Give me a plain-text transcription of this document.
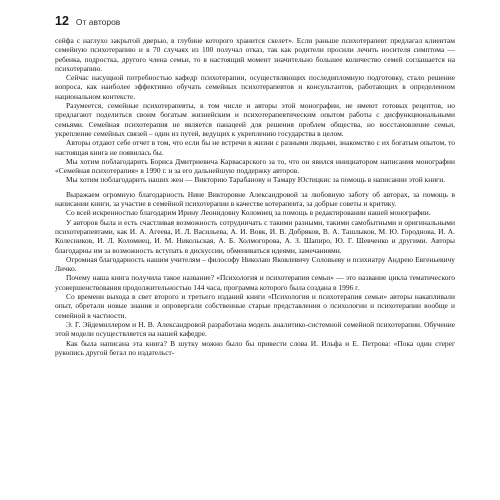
12 От авторов

сейфа с наглухо закрытой дверью, в глубине которого хранится скелет». Если раньше психотерапевт предлагал клиентам семейную психотерапию и в 70 случаях из 100 получал отказ, так как родители просили лечить носителя симптома — ребенка, подростка, другого члена семьи, то в настоящий момент значительно большее количество семей соглашается на психотерапию.

Сейчас насущной потребностью кафедр психотерапии, осуществляющих последипломную подготовку, стало решение вопроса, как наиболее эффективно обучать семейных психотерапевтов и консультантов, работающих в определенном национальном контексте.

Разумеется, семейные психотерапевты, в том числе и авторы этой монографии, не имеют готовых рецептов, но предлагают поделиться своим богатым жизнейским и психотерапевтическим опытом работы с дисфункциональными семьями. Семейная психотерапия не является панацеей для решения проблем общества, но восстановление семьи, укрепление семейных связей – один из путей, ведущих к укреплению государства в целом.

Авторы отдают себе отчет в том, что если бы не встречи в жизни с разными людьми, знакомство с их богатым опытом, то настоящая книга не появилась бы.

Мы хотим поблагодарить Бориса Дмитриевича Карвасарского за то, что он явился инициатором написания монографии «Семейная психотерапия» в 1990 г. и за его дальнейшую поддержку авторов.

Мы хотим поблагодарить наших жен — Викторию Тарабанову и Тамару Юстицкис за помощь в написании этой книги.

Выражаем огромную благодарность Нине Викторовне Александровой за любовную заботу об авторах, за помощь в написании книги, за участие в семейной психотерапии в качестве котерапевта, за добрые советы и критику.

Со всей искренностью благодарим Ирину Леонидовну Коломиец за помощь в редактировании нашей монографии.

У авторов была и есть счастливая возможность сотрудничать с такими разными, такими самобытными и оригинальными психотерапевтами, как И. А. Агеева, И. Л. Васильева, А. И. Вовк, И. В. Добряков, В. А. Ташлыков, М. Ю. Городнова, И. А. Колесников, И. Л. Коломиец, И. М. Никольская, А. Б. Холмогорова, А. З. Шапиро, Ю. Г. Шевченко и другими. Авторы благодарны им за возможность вступать в дискуссии, обмениваться идеями, замечаниями.

Огромная благодарность нашим учителям – философу Николаю Яковлевичу Соловьеву и психиатру Андрею Евгеньевичу Личко.

Почему наша книга получила такое название? «Психология и психотерапия семьи» — это название цикла тематического усовершенствования продолжительностью 144 часа, программа которого была создана в 1996 г.

Со времени выхода в свет второго и третьего изданий книги «Психология и психотерапия семьи» авторы накапливали опыт, обретали новые знания и опровергали собственные старые представления о психологии и психотерапии вообще и семейной в частности.

Э. Г. Эйдемиллером и Н. В. Александровой разработана модель аналитико-системной семейной психотерапии. Обучение этой модели осуществляется на нашей кафедре.

Как была написана эта книга? В шутку можно было бы привести слова И. Ильфа и Е. Петрова: «Пока один стерег рукопись другой бегал по издательст-
